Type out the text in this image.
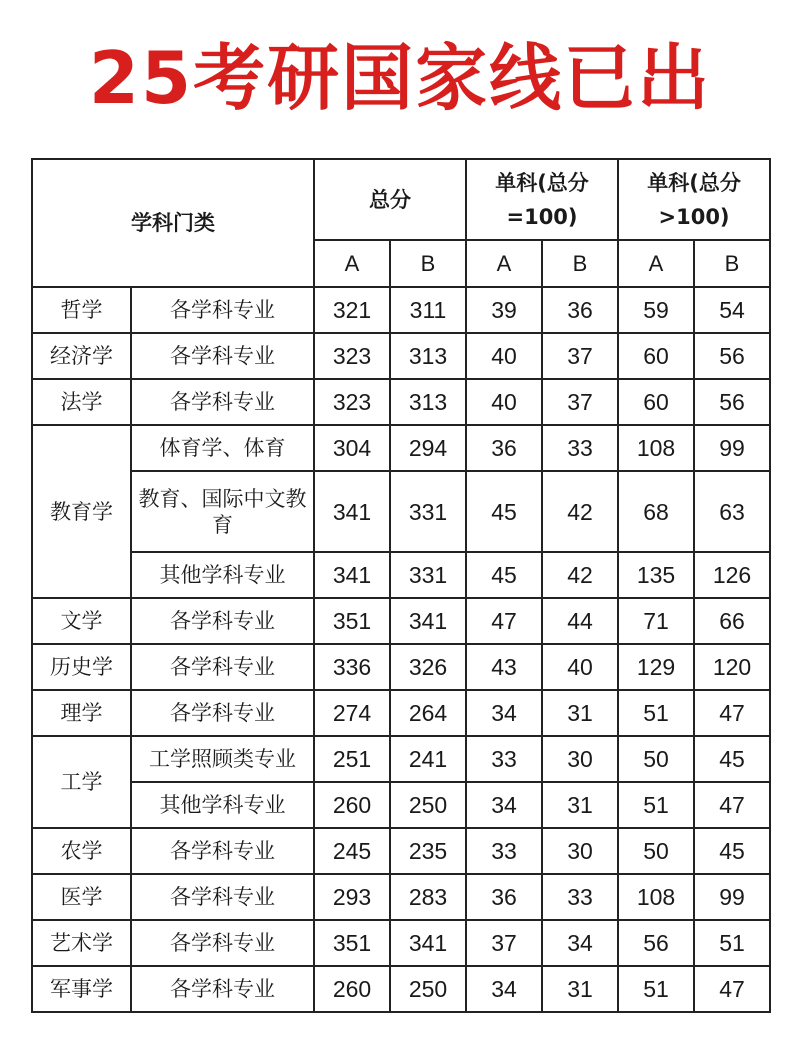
25考研国家线已出
学科门类		总分		单科(总分=100)		单科(总分>100)	
		A	B	A	B	A	B
哲学	各学科专业	321	311	39	36	59	54
经济学	各学科专业	323	313	40	37	60	56
法学	各学科专业	323	313	40	37	60	56
教育学	体育学、体育	304	294	36	33	108	99
	教育、国际中文教育	341	331	45	42	68	63
	其他学科专业	341	331	45	42	135	126
文学	各学科专业	351	341	47	44	71	66
历史学	各学科专业	336	326	43	40	129	120
理学	各学科专业	274	264	34	31	51	47
工学	工学照顾类专业	251	241	33	30	50	45
	其他学科专业	260	250	34	31	51	47
农学	各学科专业	245	235	33	30	50	45
医学	各学科专业	293	283	36	33	108	99
艺术学	各学科专业	351	341	37	34	56	51
军事学	各学科专业	260	250	34	31	51	47
